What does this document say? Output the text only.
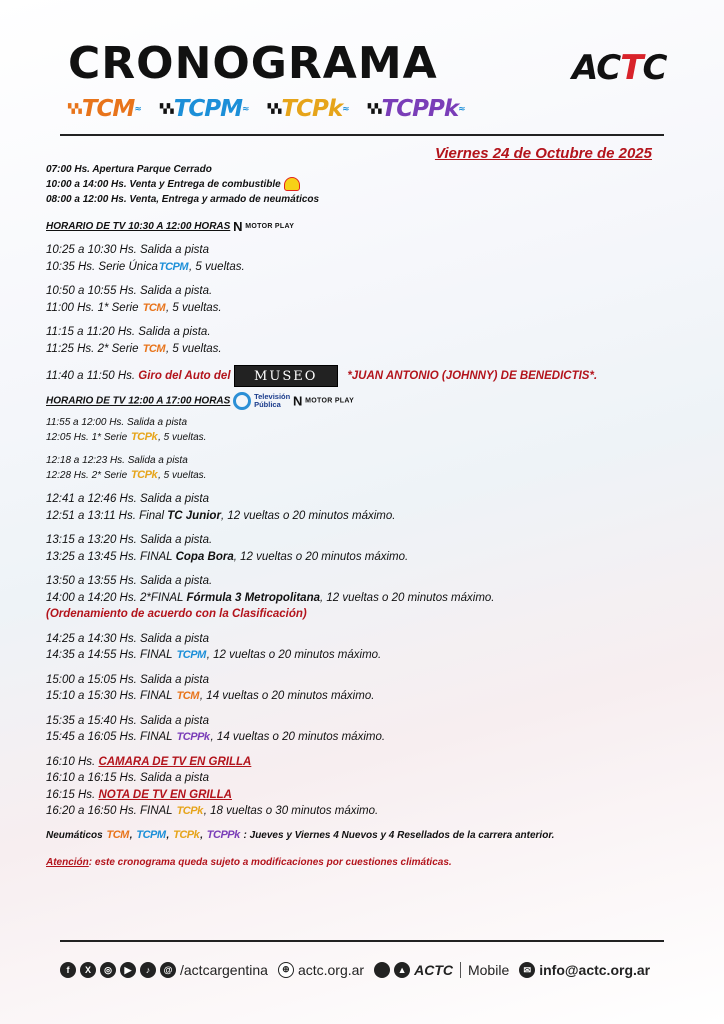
CRONOGRAMA	ACTC
▚▚TCM≈ ▚▚TCPM≈ ▚▚TCPk≈ ▚▚TCPPk≈
Viernes 24 de Octubre de 2025
07:00 Hs. Apertura Parque Cerrado
10:00 a 14:00 Hs. Venta y Entrega de combustible
08:00 a 12:00 Hs. Venta, Entrega y armado de neumáticos
HORARIO DE TV 10:30 A 12:00 HORAS N MOTOR PLAY
10:25 a 10:30 Hs. Salida a pista
10:35 Hs. Serie ÚnicaTCPM, 5 vueltas.
10:50 a 10:55 Hs. Salida a pista.
11:00 Hs. 1* Serie TCM, 5 vueltas.
11:15 a 11:20 Hs. Salida a pista.
11:25 Hs. 2* Serie TCM, 5 vueltas.
11:40 a 11:50 Hs. Giro del Auto del MUSEO	*JUAN ANTONIO (JOHNNY) DE BENEDICTIS*.
HORARIO DE TV 12:00 A 17:00 HORAS	Televisión
Pública N MOTOR PLAY
11:55 a 12:00 Hs. Salida a pista
12:05 Hs. 1* Serie TCPk, 5 vueltas.
12:18 a 12:23 Hs. Salida a pista
12:28 Hs. 2* Serie TCPk, 5 vueltas.
12:41 a 12:46 Hs. Salida a pista
12:51 a 13:11 Hs. Final TC Junior, 12 vueltas o 20 minutos máximo.
13:15 a 13:20 Hs. Salida a pista.
13:25 a 13:45 Hs. FINAL Copa Bora, 12 vueltas o 20 minutos máximo.
13:50 a 13:55 Hs. Salida a pista.
14:00 a 14:20 Hs. 2*FINAL Fórmula 3 Metropolitana, 12 vueltas o 20 minutos máximo.
(Ordenamiento de acuerdo con la Clasificación)
14:25 a 14:30 Hs. Salida a pista
14:35 a 14:55 Hs. FINAL TCPM, 12 vueltas o 20 minutos máximo.
15:00 a 15:05 Hs. Salida a pista
15:10 a 15:30 Hs. FINAL TCM, 14 vueltas o 20 minutos máximo.
15:35 a 15:40 Hs. Salida a pista
15:45 a 16:05 Hs. FINAL TCPPk, 14 vueltas o 20 minutos máximo.
16:10 Hs. CAMARA DE TV EN GRILLA
16:10 a 16:15 Hs. Salida a pista
16:15 Hs. NOTA DE TV EN GRILLA
16:20 a 16:50 Hs. FINAL TCPk, 18 vueltas o 30 minutos máximo.
Neumáticos TCM, TCPM, TCPk, TCPPk : Jueves y Viernes 4 Nuevos y 4 Resellados de la carrera anterior.
Atención: este cronograma queda sujeto a modificaciones por cuestiones climáticas.
f	X	◎	▶	♪	@ /actcargentina	⊕ actc.org.ar	▲ ACTC Mobile	✉ info@actc.org.ar
